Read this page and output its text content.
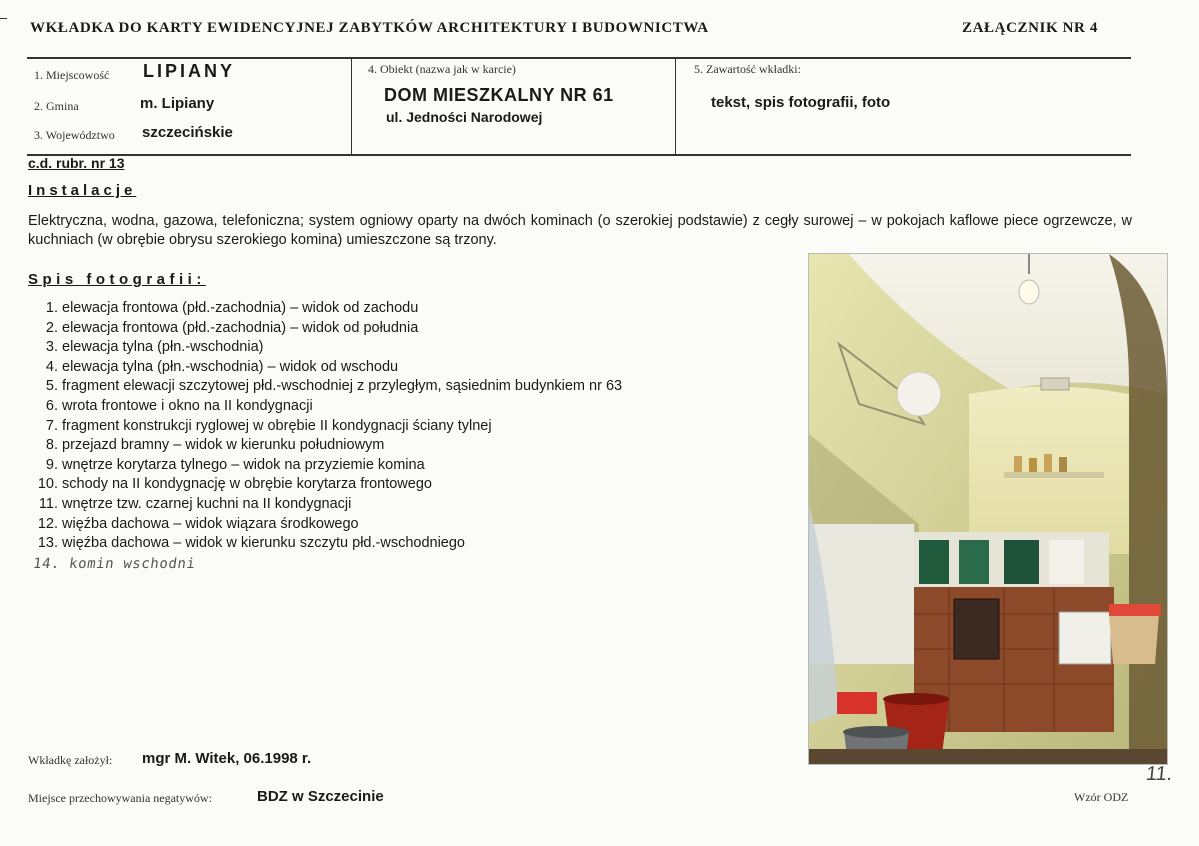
WKŁADKA DO KARTY EWIDENCYJNEJ ZABYTKÓW ARCHITEKTURY I BUDOWNICTWA	ZAŁĄCZNIK NR 4
1. Miejscowość LIPIANY
2. Gmina	m. Lipiany
3. Województwo szczecińskie
4. Obiekt (nazwa jak w karcie)
DOM MIESZKALNY NR 61
ul. Jedności Narodowej
5. Zawartość wkładki:
tekst, spis fotografii, foto
c.d. rubr. nr 13
Instalacje
Elektryczna, wodna, gazowa, telefoniczna; system ogniowy oparty na dwóch kominach (o szerokiej podstawie) z cegły surowej – w pokojach kaflowe piece ogrzewcze, w kuchniach (w obrębie obrysu szerokiego komina) umieszczone są trzony.
Spis fotografii:
1. elewacja frontowa (płd.-zachodnia) – widok od zachodu
2. elewacja frontowa (płd.-zachodnia) – widok od południa
3. elewacja tylna (płn.-wschodnia)
4. elewacja tylna (płn.-wschodnia) – widok od wschodu
5. fragment elewacji szczytowej płd.-wschodniej z przyległym, sąsiednim budynkiem nr 63
6. wrota frontowe i okno na II kondygnacji
7. fragment konstrukcji ryglowej w obrębie II kondygnacji ściany tylnej
8. przejazd bramny – widok w kierunku południowym
9. wnętrze korytarza tylnego – widok na przyziemie komina
10. schody na II kondygnację w obrębie korytarza frontowego
11. wnętrze tzw. czarnej kuchni na II kondygnacji
12. więźba dachowa – widok wiązara środkowego
13. więźba dachowa – widok w kierunku szczytu płd.-wschodniego
14. komin wschodni
Wkładkę założył: mgr M. Witek, 06.1998 r.
Miejsce przechowywania negatywów:	BDZ w Szczecinie	Wzór ODZ
11.
